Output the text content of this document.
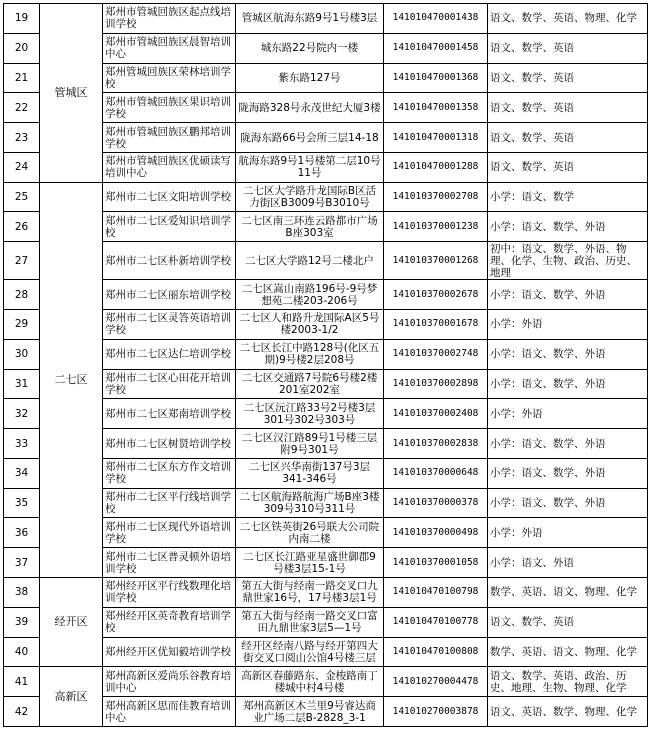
19	管城区	郑州市管城回族区起点线培训学校	管城区航海东路9号1号楼3层	141010470001438	语文、数学、英语、物理、化学
20		郑州市管城回族区晨智培训中心	城东路22号院内一楼	141010470001458	语文、数学、英语
21		郑州管城回族区荣林培训学校	紫东路127号	141010470001368	语文、数学、英语
22		郑州市管城回族区果识培训学校	陇海路328号永茂世纪大厦3楼	141010470001358	语文、数学、英语
23		郑州市管城回族区鹏邦培训学校	陇海东路66号会所三层14-18	141010470001318	语文、数学、英语
24		郑州市管城回族区优硕读写培训中心	航海东路9号1号楼第二层10号11号	141010470001288	语文、数学、英语
25	二七区	郑州市二七区文阳培训学校	二七区大学路升龙国际B区活力街区B3009号B3010号	141010370002708	小学：语文、数学
26		郑州市二七区爱知识培训学校	二七区南三环连云路都市广场B座303室	141010370001238	小学：语文、数学、外语
27		郑州市二七区朴新培训学校	二七区大学路12号二楼北户	141010370001268	初中：语文、数学、外语、物理、化学、生物、政治、历史、地理
28		郑州市二七区丽东培训学校	二七区嵩山南路196号-9号梦想苑二楼203-206号	141010370002678	小学：语文、数学、外语
29		郑州市二七区灵答英语培训学校	二七区人和路升龙国际A区5号楼2003-1/2	141010370001678	小学：外语
30		郑州市二七区达仁培训学校	二七区长江中路128号(化区五期)9号楼2层208号	141010370002748	小学：语文、数学、外语
31		郑州市二七区心田花开培训学校	二七区交通路7号院6号楼2楼201室202室	141010370002898	小学：语文、数学、外语
32		郑州市二七区郑南培训学校	二七区沅江路33号2号楼3层301号302号303号	141010370002408	小学：外语
33		郑州市二七区树贤培训学校	二七区汉江路89号1号楼三层附9号301号	141010370002838	小学：语文、数学、外语
34		郑州市二七区东方作文培训学校	二七区兴华南街137号3层341-346号	141010370000648	小学：语文、数学、外语
35		郑州市二七区平行线培训学校	二七区航海路航海广场B座3楼309号310号311号	141010370000378	小学：语文、数学、外语
36		郑州市二七区现代外语培训学校	二七区铁英街26号联大公司院内南二楼	141010370000498	小学：外语
37		郑州市二七区普灵顿外语培训学校	二七区长江路亚星盛世御郡9号楼3层15-1号	141010370001058	小学：语文、外语
38	经开区	郑州经开区平行线数理化培训学校	第五大街与经南一路交叉口九鼎世家16号，17号楼3层1号	141010470100798	数学、英语、语文、物理、化学
39		郑州经开区英奇教育培训学校	第五大街与经南一路交叉口富田九鼎世家3层5—1号	141010470100778	语文、数学、英语
40		郑州经开区优知毅培训学校	经开区经南八路与经开第四大街交叉口阅山公馆4号楼三层	141010470100808	数学、英语、语文、物理、化学
41	高新区	郑州高新区爱尚乐谷教育培训中心	高新区春藤路东、金梭路南丁楼城中村4号楼	141010270004478	语文、数学、英语、政治、历史、地理、生物、物理、化学
42		郑州高新区思而佳教育培训中心	郑州高新区木兰里9号睿达商业广场二层B-2828_3-1	141010270003878	语文、英语、数学、物理、化学
